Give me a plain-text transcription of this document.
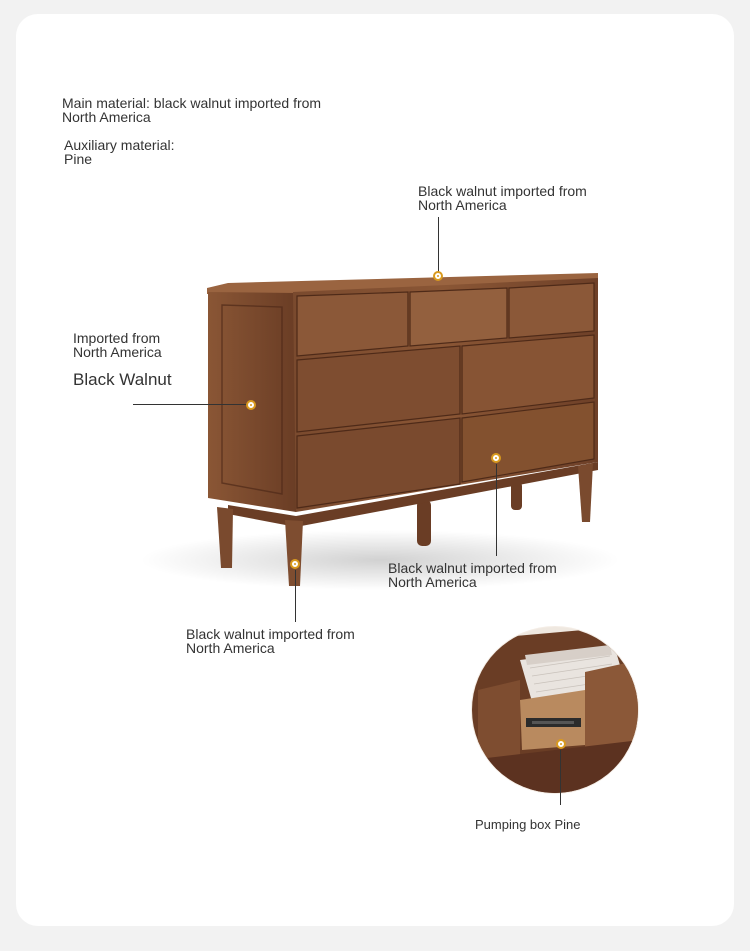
Main material: black walnut imported from
North America
Auxiliary material:
Pine
Black walnut imported from
North America
Imported from
North America
Black Walnut
Black walnut imported from
North America
Black walnut imported from
North America
Pumping box Pine
